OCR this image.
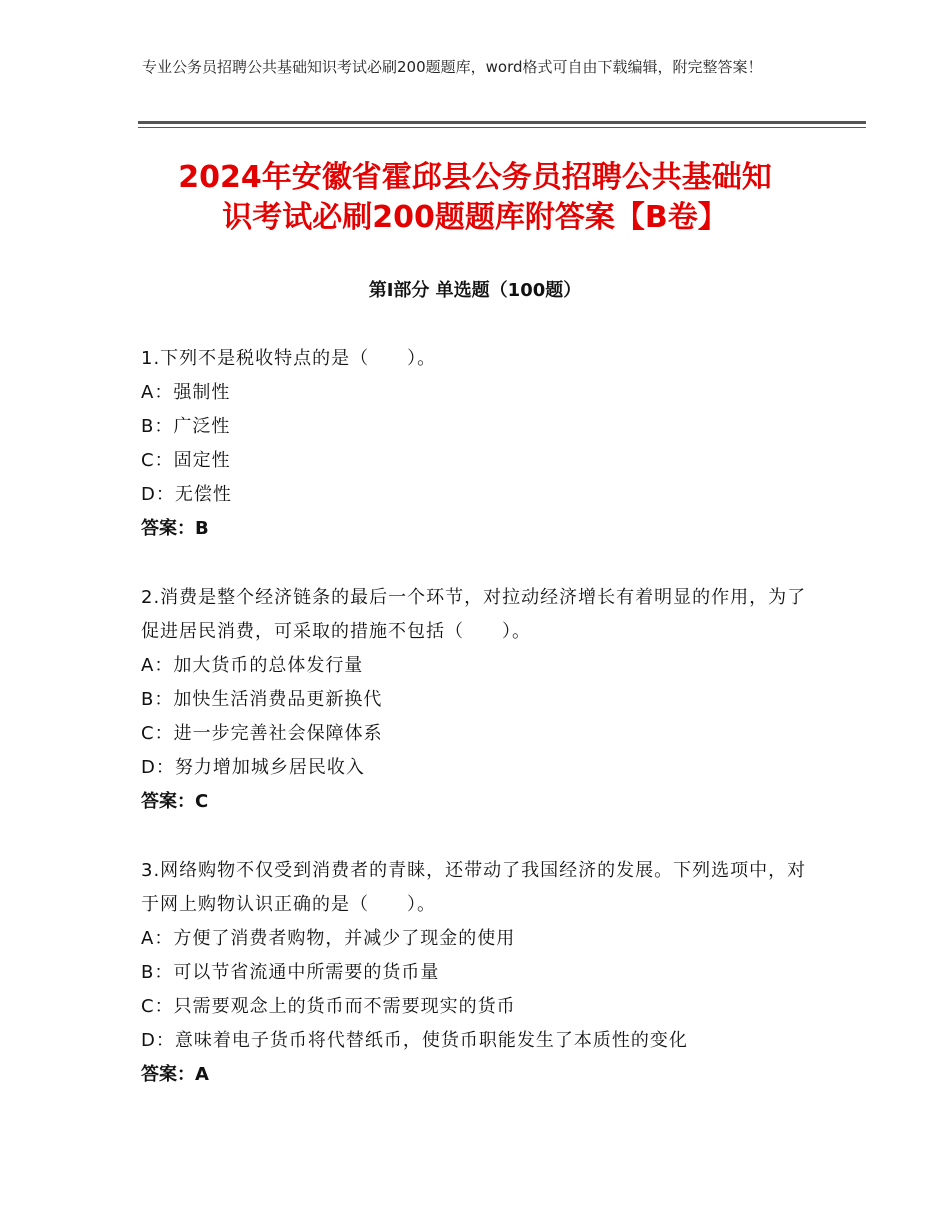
专业公务员招聘公共基础知识考试必刷200题题库，word格式可自由下载编辑，附完整答案！
2024年安徽省霍邱县公务员招聘公共基础知
识考试必刷200题题库附答案【B卷】
第Ⅰ部分 单选题（100题）
1.下列不是税收特点的是（　　）。
A：强制性
B：广泛性
C：固定性
D：无偿性
答案：B
2.消费是整个经济链条的最后一个环节，对拉动经济增长有着明显的作用，为了促进居民消费，可采取的措施不包括（　　）。
A：加大货币的总体发行量
B：加快生活消费品更新换代
C：进一步完善社会保障体系
D：努力增加城乡居民收入
答案：C
3.网络购物不仅受到消费者的青睐，还带动了我国经济的发展。下列选项中，对于网上购物认识正确的是（　　）。
A：方便了消费者购物，并减少了现金的使用
B：可以节省流通中所需要的货币量
C：只需要观念上的货币而不需要现实的货币
D：意味着电子货币将代替纸币，使货币职能发生了本质性的变化
答案：A
